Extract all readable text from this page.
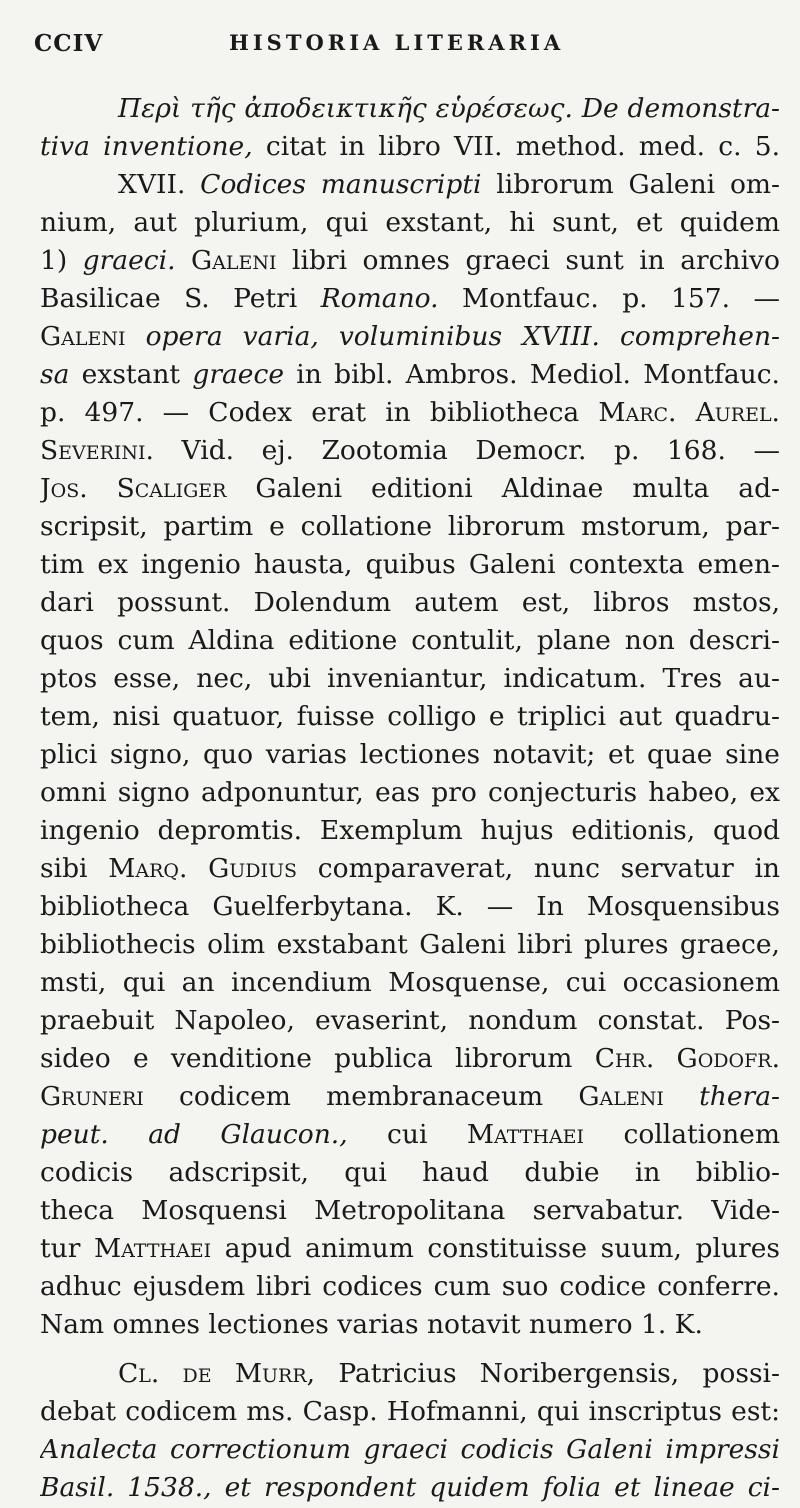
CCIV	HISTORIA LITERARIA
Περὶ τῆς ἀποδεικτικῆς εὑρέσεως. De demonstra-
tiva inventione, citat in libro VII. method. med. c. 5.
XVII. Codices manuscripti librorum Galeni om-
nium, aut plurium, qui exstant, hi sunt, et quidem
1) graeci. Galeni libri omnes graeci sunt in archivo
Basilicae S. Petri Romano. Montfauc. p. 157. —
Galeni opera varia, voluminibus XVIII. comprehen-
sa exstant graece in bibl. Ambros. Mediol. Montfauc.
p. 497. — Codex erat in bibliotheca Marc. Aurel.
Severini. Vid. ej. Zootomia Democr. p. 168. —
Jos. Scaliger Galeni editioni Aldinae multa ad-
scripsit, partim e collatione librorum mstorum, par-
tim ex ingenio hausta, quibus Galeni contexta emen-
dari possunt. Dolendum autem est, libros mstos,
quos cum Aldina editione contulit, plane non descri-
ptos esse, nec, ubi inveniantur, indicatum. Tres au-
tem, nisi quatuor, fuisse colligo e triplici aut quadru-
plici signo, quo varias lectiones notavit; et quae sine
omni signo adponuntur, eas pro conjecturis habeo, ex
ingenio depromtis. Exemplum hujus editionis, quod
sibi Marq. Gudius comparaverat, nunc servatur in
bibliotheca Guelferbytana. K. — In Mosquensibus
bibliothecis olim exstabant Galeni libri plures graece,
msti, qui an incendium Mosquense, cui occasionem
praebuit Napoleo, evaserint, nondum constat. Pos-
sideo e venditione publica librorum Chr. Godofr.
Gruneri codicem membranaceum Galeni thera-
peut. ad Glaucon., cui Matthaei collationem
codicis adscripsit, qui haud dubie in biblio-
theca Mosquensi Metropolitana servabatur. Vide-
tur Matthaei apud animum constituisse suum, plures
adhuc ejusdem libri codices cum suo codice conferre.
Nam omnes lectiones varias notavit numero 1. K.
Cl. de Murr, Patricius Noribergensis, possi-
debat codicem ms. Casp. Hofmanni, qui inscriptus est:
Analecta correctionum graeci codicis Galeni impressi
Basil. 1538., et respondent quidem folia et lineae ci-
